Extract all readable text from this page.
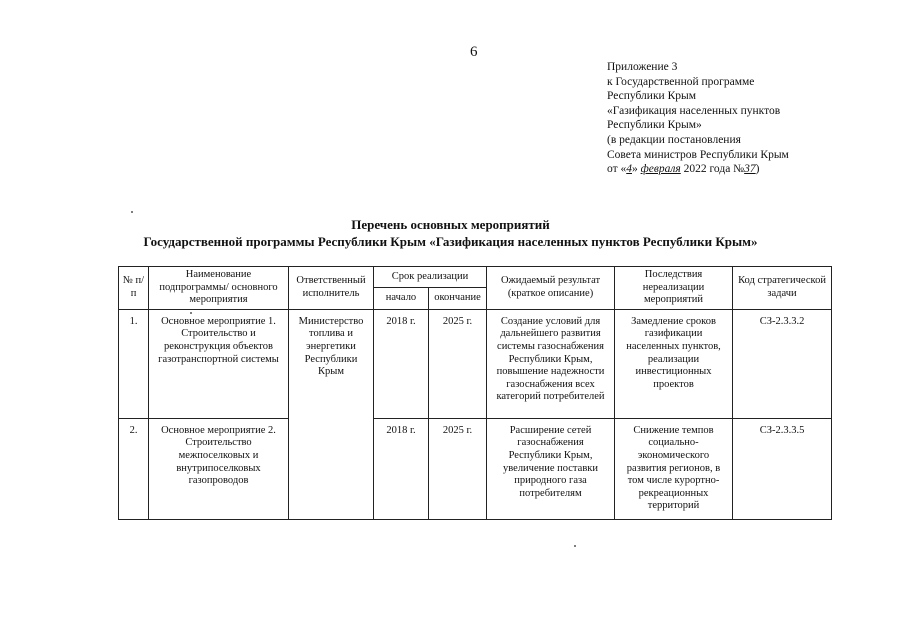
6
Приложение 3
к Государственной программе
Республики Крым
«Газификация населенных пунктов
Республики Крым»
(в редакции постановления
Совета министров Республики Крым
от «4» февраля 2022 года №37)
Перечень основных мероприятий
Государственной программы Республики Крым «Газификация населенных пунктов Республики Крым»
№ п/п	Наименование подпрограммы/ основного мероприятия	Ответственный исполнитель	Срок реализации		Ожидаемый результат (краткое описание)	Последствия нереализации мероприятий	Код стратегической задачи
			начало	окончание			
1.	Основное мероприятие 1. Строительство и реконструкция объектов газотранспортной системы	Министерство топлива и энергетики Республики Крым	2018 г.	2025 г.	Создание условий для дальнейшего развития системы газоснабжения Республики Крым, повышение надежности газоснабжения всех категорий потребителей	Замедление сроков газификации населенных пунктов, реализации инвестиционных проектов	СЗ-2.3.3.2
2.	Основное мероприятие 2. Строительство межпоселковых и внутрипоселковых газопроводов		2018 г.	2025 г.	Расширение сетей газоснабжения Республики Крым, увеличение поставки природного газа потребителям	Снижение темпов социально-экономического развития регионов, в том числе курортно-рекреационных территорий	СЗ-2.3.3.5
